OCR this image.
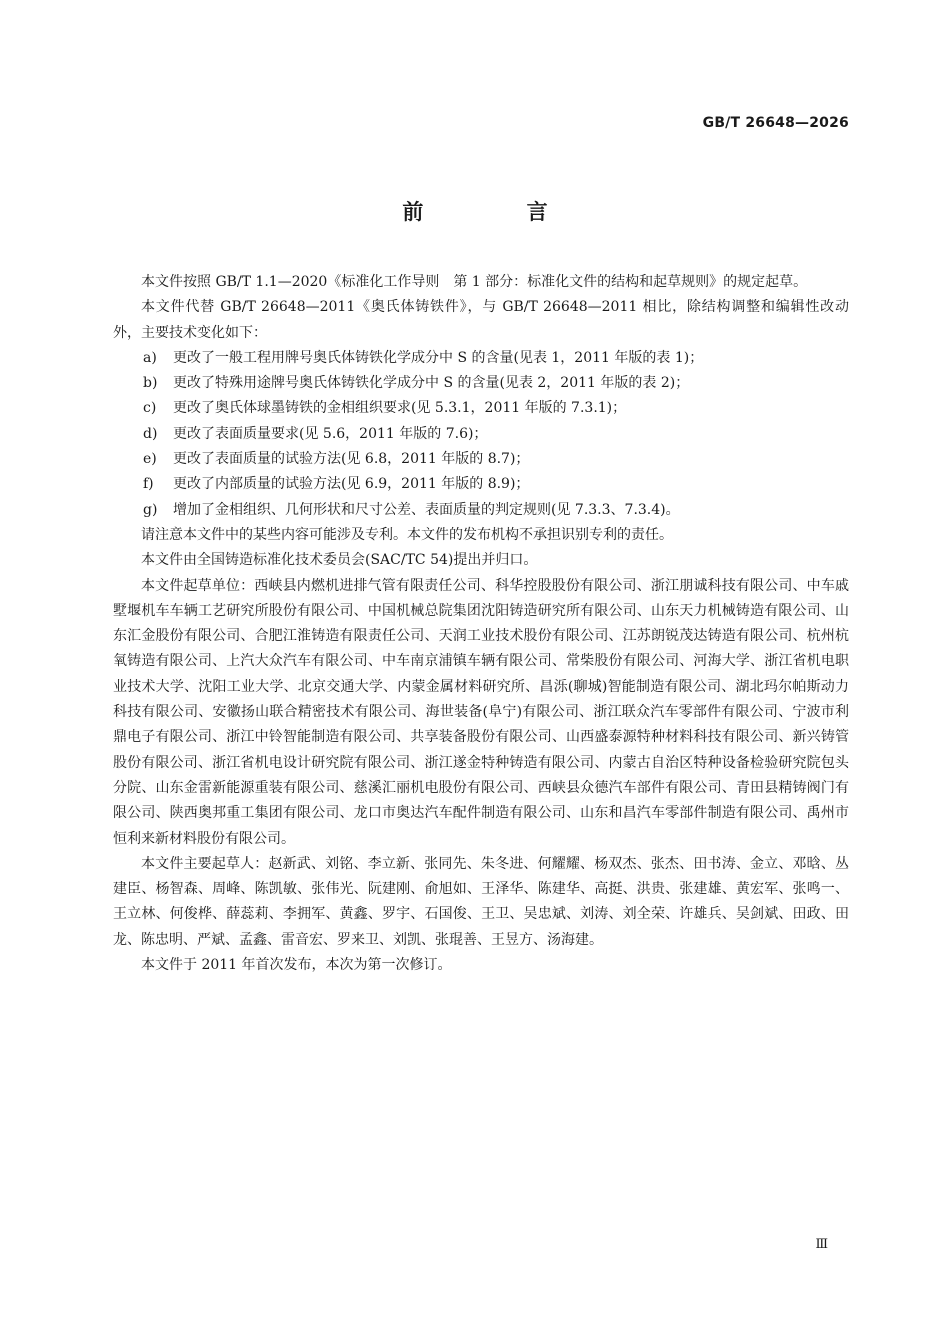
GB/T 26648—2026
前 言

本文件按照 GB/T 1.1—2020《标准化工作导则　第 1 部分：标准化文件的结构和起草规则》的规定起草。

本文件代替 GB/T 26648—2011《奥氏体铸铁件》，与 GB/T 26648—2011 相比，除结构调整和编辑性改动外，主要技术变化如下：

a) 更改了一般工程用牌号奥氏体铸铁化学成分中 S 的含量(见表 1，2011 年版的表 1)；

b) 更改了特殊用途牌号奥氏体铸铁化学成分中 S 的含量(见表 2，2011 年版的表 2)；

c) 更改了奥氏体球墨铸铁的金相组织要求(见 5.3.1，2011 年版的 7.3.1)；

d) 更改了表面质量要求(见 5.6，2011 年版的 7.6)；

e) 更改了表面质量的试验方法(见 6.8，2011 年版的 8.7)；

f) 更改了内部质量的试验方法(见 6.9，2011 年版的 8.9)；

g) 增加了金相组织、几何形状和尺寸公差、表面质量的判定规则(见 7.3.3、7.3.4)。

请注意本文件中的某些内容可能涉及专利。本文件的发布机构不承担识别专利的责任。

本文件由全国铸造标准化技术委员会(SAC/TC 54)提出并归口。

本文件起草单位：西峡县内燃机进排气管有限责任公司、科华控股股份有限公司、浙江朋诚科技有限公司、中车戚墅堰机车车辆工艺研究所股份有限公司、中国机械总院集团沈阳铸造研究所有限公司、山东天力机械铸造有限公司、山东汇金股份有限公司、合肥江淮铸造有限责任公司、天润工业技术股份有限公司、江苏朗锐茂达铸造有限公司、杭州杭氧铸造有限公司、上汽大众汽车有限公司、中车南京浦镇车辆有限公司、常柴股份有限公司、河海大学、浙江省机电职业技术大学、沈阳工业大学、北京交通大学、内蒙金属材料研究所、昌泺(聊城)智能制造有限公司、湖北玛尔帕斯动力科技有限公司、安徽扬山联合精密技术有限公司、海世装备(阜宁)有限公司、浙江联众汽车零部件有限公司、宁波市利鼎电子有限公司、浙江中铃智能制造有限公司、共享装备股份有限公司、山西盛泰源特种材料科技有限公司、新兴铸管股份有限公司、浙江省机电设计研究院有限公司、浙江遂金特种铸造有限公司、内蒙古自治区特种设备检验研究院包头分院、山东金雷新能源重装有限公司、慈溪汇丽机电股份有限公司、西峡县众德汽车部件有限公司、青田县精铸阀门有限公司、陕西奥邦重工集团有限公司、龙口市奥达汽车配件制造有限公司、山东和昌汽车零部件制造有限公司、禹州市恒利来新材料股份有限公司。

本文件主要起草人：赵新武、刘铭、李立新、张同先、朱冬进、何耀耀、杨双杰、张杰、田书涛、金立、邓晗、丛建臣、杨智森、周峰、陈凯敏、张伟光、阮建刚、俞旭如、王泽华、陈建华、高挺、洪贵、张建雄、黄宏军、张鸣一、王立林、何俊桦、薛蕊莉、李拥军、黄鑫、罗宇、石国俊、王卫、吴忠斌、刘涛、刘全荣、许雄兵、吴剑斌、田政、田龙、陈忠明、严斌、孟鑫、雷音宏、罗来卫、刘凯、张琨善、王昱方、汤海建。

本文件于 2011 年首次发布，本次为第一次修订。

Ⅲ
